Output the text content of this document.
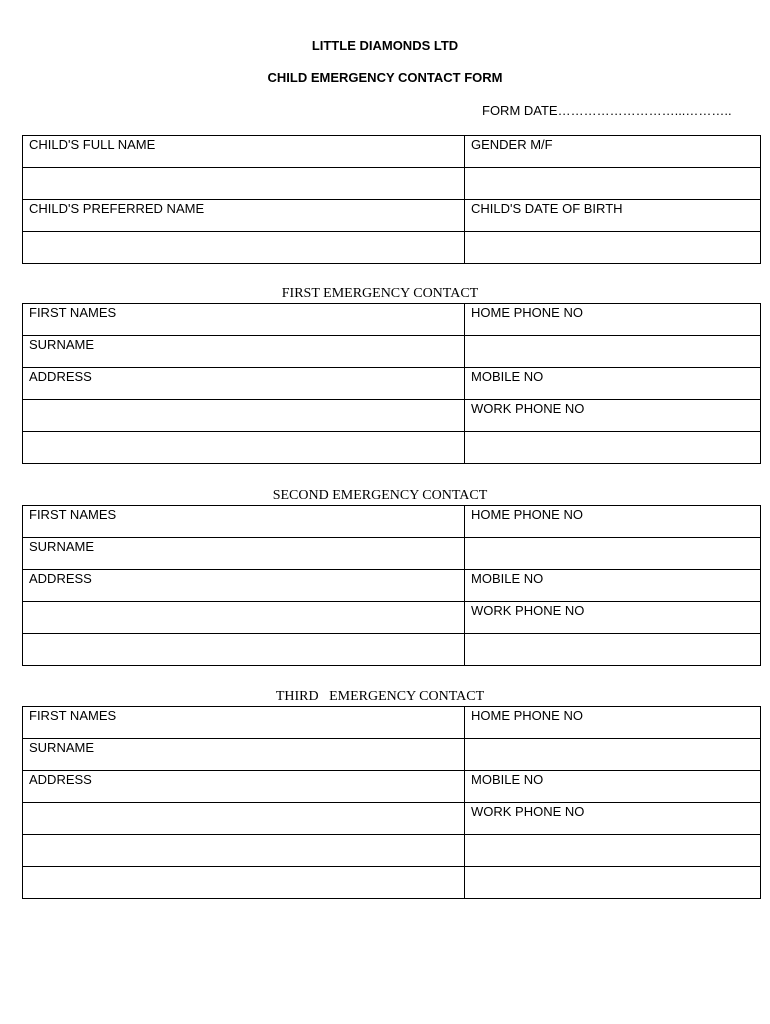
LITTLE DIAMONDS LTD
CHILD EMERGENCY CONTACT FORM
FORM DATE………………………...………..
CHILD'S FULL NAME	GENDER M/F

CHILD'S PREFERRED NAME	CHILD'S DATE OF BIRTH

FIRST EMERGENCY CONTACT
FIRST NAMES	HOME PHONE NO
SURNAME	
ADDRESS	MOBILE NO
	WORK PHONE NO

SECOND EMERGENCY CONTACT
FIRST NAMES	HOME PHONE NO
SURNAME	
ADDRESS	MOBILE NO
	WORK PHONE NO

THIRD   EMERGENCY CONTACT
FIRST NAMES	HOME PHONE NO
SURNAME	
ADDRESS	MOBILE NO
	WORK PHONE NO
